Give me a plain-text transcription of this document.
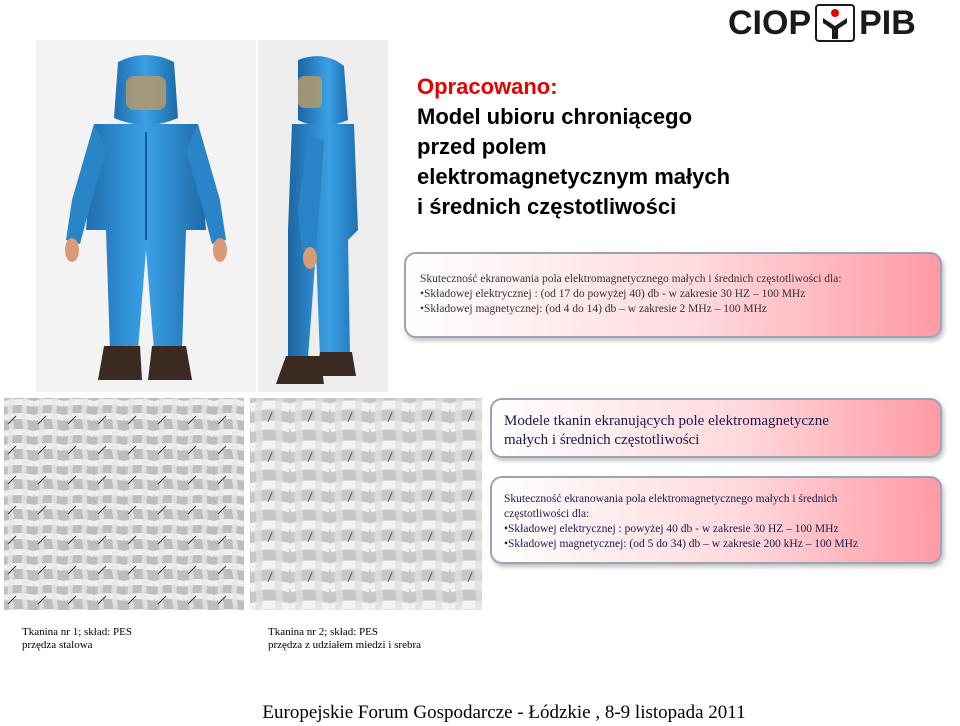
CIOP PIB
Opracowano:
Model ubioru chroniącego
przed polem
elektromagnetycznym małych
i średnich częstotliwości
Skuteczność ekranowania pola elektromagnetycznego małych i średnich częstotliwości dla:
•Składowej elektrycznej : (od 17 do powyżej 40) db - w zakresie 30 HZ – 100 MHz
•Składowej magnetycznej: (od 4 do 14) db – w zakresie 2 MHz – 100 MHz
Modele tkanin ekranujących pole elektromagnetyczne
małych i średnich częstotliwości
Skuteczność ekranowania pola elektromagnetycznego małych i średnich
częstotliwości dla:
•Składowej elektrycznej : powyżej 40 db - w zakresie 30 HZ – 100 MHz
•Składowej magnetycznej: (od 5 do 34) db – w zakresie 200 kHz – 100 MHz
Tkanina nr 1; skład: PES
przędza stalowa
Tkanina nr 2; skład: PES
przędza z udziałem miedzi i srebra
Europejskie Forum Gospodarcze - Łódzkie , 8-9 listopada 2011
